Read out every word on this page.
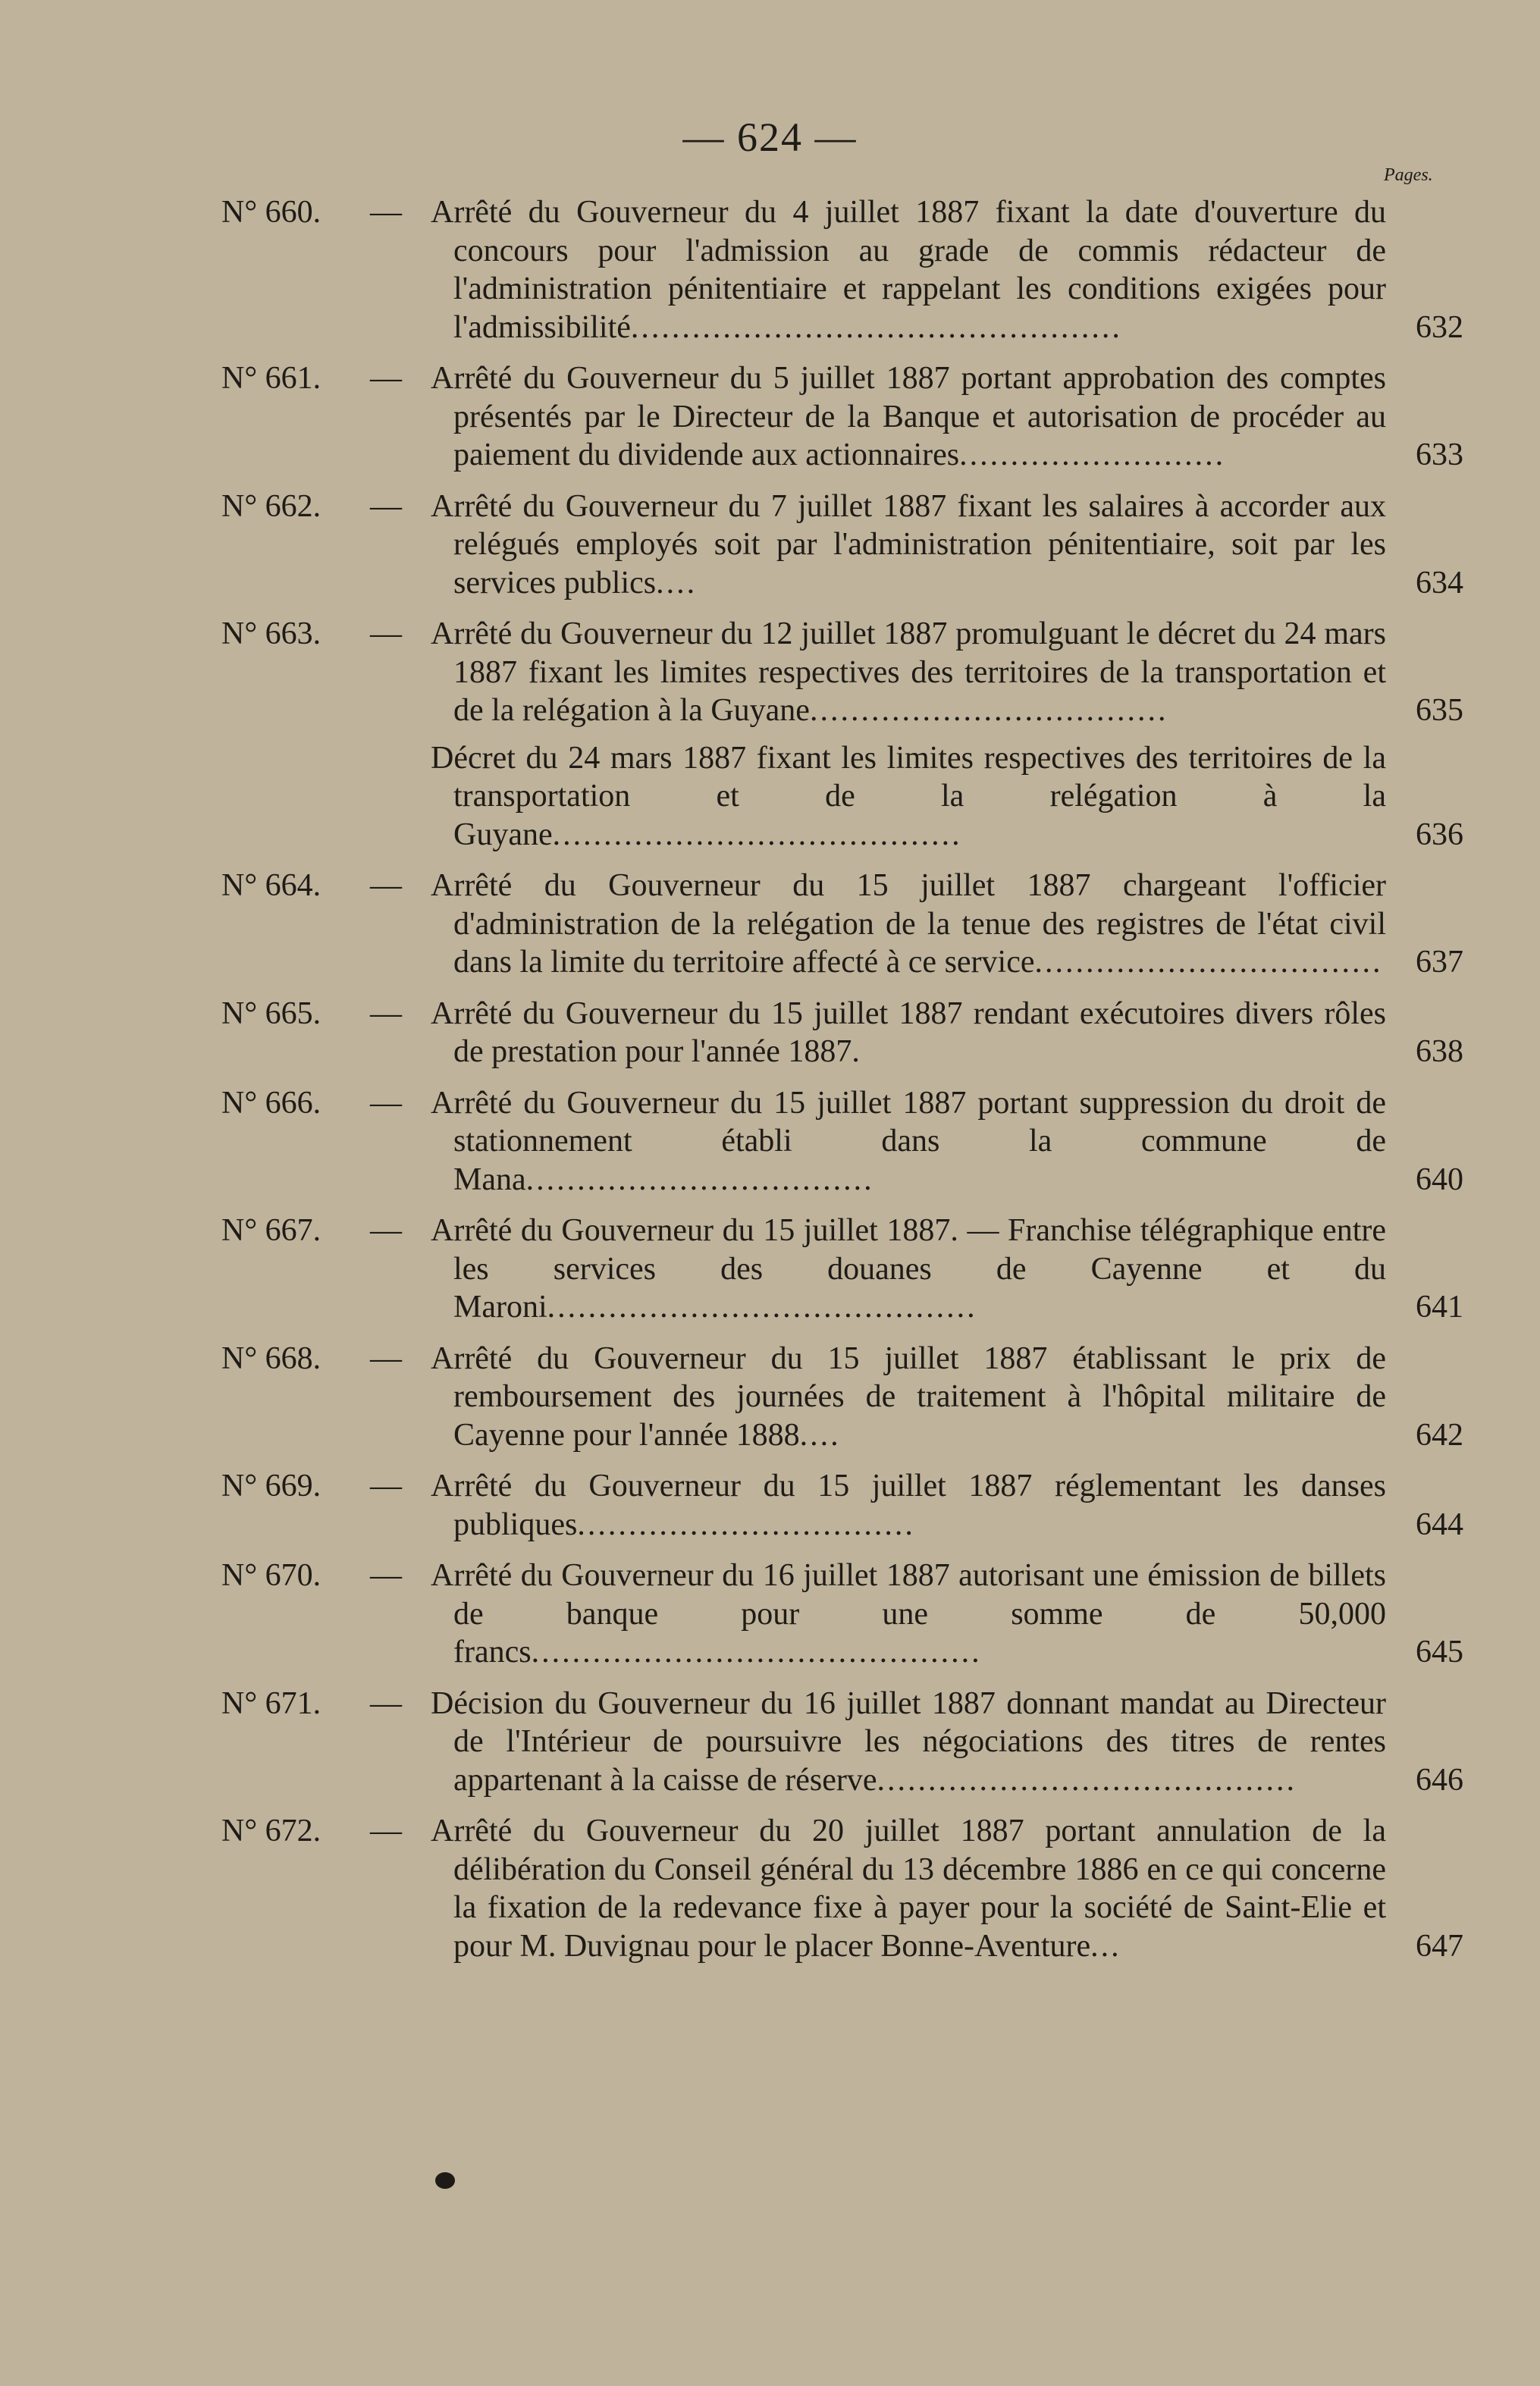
— 624 —
Pages.
N° 660. — Arrêté du Gouverneur du 4 juillet 1887 fixant la date d'ouverture du concours pour l'admission au grade de commis rédacteur de l'administration pénitentiaire et rappelant les conditions exigées pour l'admissibilité................................................	632
N° 661. — Arrêté du Gouverneur du 5 juillet 1887 portant approbation des comptes présentés par le Directeur de la Banque et autorisation de procéder au paiement du dividende aux actionnaires..........................	633
N° 662. — Arrêté du Gouverneur du 7 juillet 1887 fixant les salaires à accorder aux relégués employés soit par l'administration pénitentiaire, soit par les services publics....	634
N° 663. — Arrêté du Gouverneur du 12 juillet 1887 promulguant le décret du 24 mars 1887 fixant les limites respectives des territoires de la transportation et de la relégation à la Guyane...................................	635
Décret du 24 mars 1887 fixant les limites respectives des territoires de la transportation et de la relégation à la Guyane........................................	636
N° 664. — Arrêté du Gouverneur du 15 juillet 1887 chargeant l'officier d'administration de la relégation de la tenue des registres de l'état civil dans la limite du territoire affecté à ce service..................................	637
N° 665. — Arrêté du Gouverneur du 15 juillet 1887 rendant exécutoires divers rôles de prestation pour l'année 1887.	638
N° 666. — Arrêté du Gouverneur du 15 juillet 1887 portant suppression du droit de stationnement établi dans la commune de Mana..................................	640
N° 667. — Arrêté du Gouverneur du 15 juillet 1887. — Franchise télégraphique entre les services des douanes de Cayenne et du Maroni..........................................	641
N° 668. — Arrêté du Gouverneur du 15 juillet 1887 établissant le prix de remboursement des journées de traitement à l'hôpital militaire de Cayenne pour l'année 1888....	642
N° 669. — Arrêté du Gouverneur du 15 juillet 1887 réglementant les danses publiques.................................	644
N° 670. — Arrêté du Gouverneur du 16 juillet 1887 autorisant une émission de billets de banque pour une somme de 50,000 francs............................................	645
N° 671. — Décision du Gouverneur du 16 juillet 1887 donnant mandat au Directeur de l'Intérieur de poursuivre les négociations des titres de rentes appartenant à la caisse de réserve.........................................	646
N° 672. — Arrêté du Gouverneur du 20 juillet 1887 portant annulation de la délibération du Conseil général du 13 décembre 1886 en ce qui concerne la fixation de la redevance fixe à payer pour la société de Saint-Elie et pour M. Duvignau pour le placer Bonne-Aventure...	647
